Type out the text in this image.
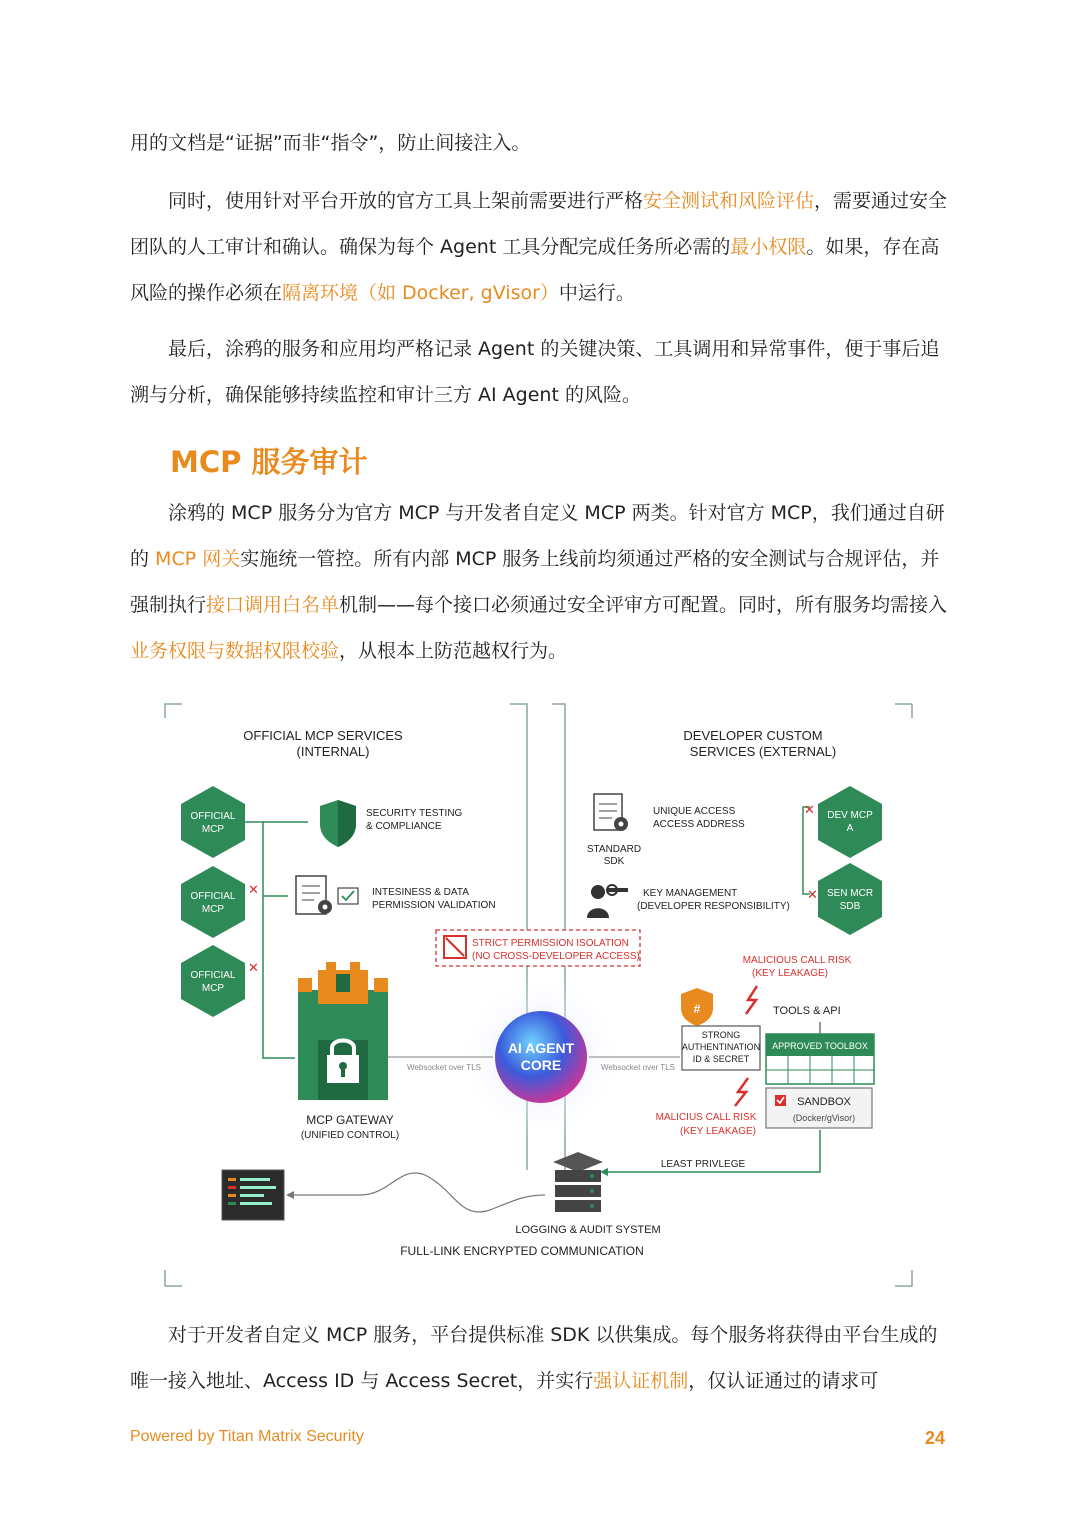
用的文档是“证据”而非“指令”，防止间接注入。

同时，使用针对平台开放的官方工具上架前需要进行严格安全测试和风险评估，需要通过安全团队的人工审计和确认。确保为每个 Agent 工具分配完成任务所必需的最小权限。如果，存在高风险的操作必须在隔离环境（如 Docker, gVisor）中运行。

最后，涂鸦的服务和应用均严格记录 Agent 的关键决策、工具调用和异常事件，便于事后追溯与分析，确保能够持续监控和审计三方 AI Agent 的风险。

MCP 服务审计

涂鸦的 MCP 服务分为官方 MCP 与开发者自定义 MCP 两类。针对官方 MCP，我们通过自研的 MCP 网关实施统一管控。所有内部 MCP 服务上线前均须通过严格的安全测试与合规评估，并强制执行接口调用白名单机制——每个接口必须通过安全评审方可配置。同时，所有服务均需接入业务权限与数据权限校验，从根本上防范越权行为。

OFFICIAL MCP SERVICES
(INTERNAL)
DEVELOPER CUSTOM
SERVICES (EXTERNAL)
OFFICIAL
MCP
OFFICIAL
MCP
OFFICIAL
MCP
✕
✕
SECURITY TESTING
& COMPLIANCE
INTESINESS & DATA
PERMISSION VALIDATION
STRICT PERMISSION ISOLATION
(NO CROSS-DEVELOPER ACCESS)
STANDARD
SDK
UNIQUE ACCESS
ACCESS ADDRESS
KEY MANAGEMENT
(DEVELOPER RESPONSIBILITY)
✕
✕
DEV MCP
A
SEN MCR
SDB
MALICIOUS CALL RISK
(KEY LEAKAGE)
TOOLS & API
#
STRONG
AUTHENTINATION
ID & SECRET
APPROVED TOOLBOX
SANDBOX
(Docker/gVisor)
MALICIUS CALL RISK
(KEY LEAKAGE)
AI AGENT
CORE
Websocket over TLS	Websocket over TLS
MCP GATEWAY
(UNIFIED CONTROL)
LEAST PRIVLEGE
LOGGING & AUDIT SYSTEM
FULL-LINK ENCRYPTED COMMUNICATION

对于开发者自定义 MCP 服务，平台提供标准 SDK 以供集成。每个服务将获得由平台生成的唯一接入地址、Access ID 与 Access Secret，并实行强认证机制，仅认证通过的请求可

Powered by Titan Matrix Security	24
